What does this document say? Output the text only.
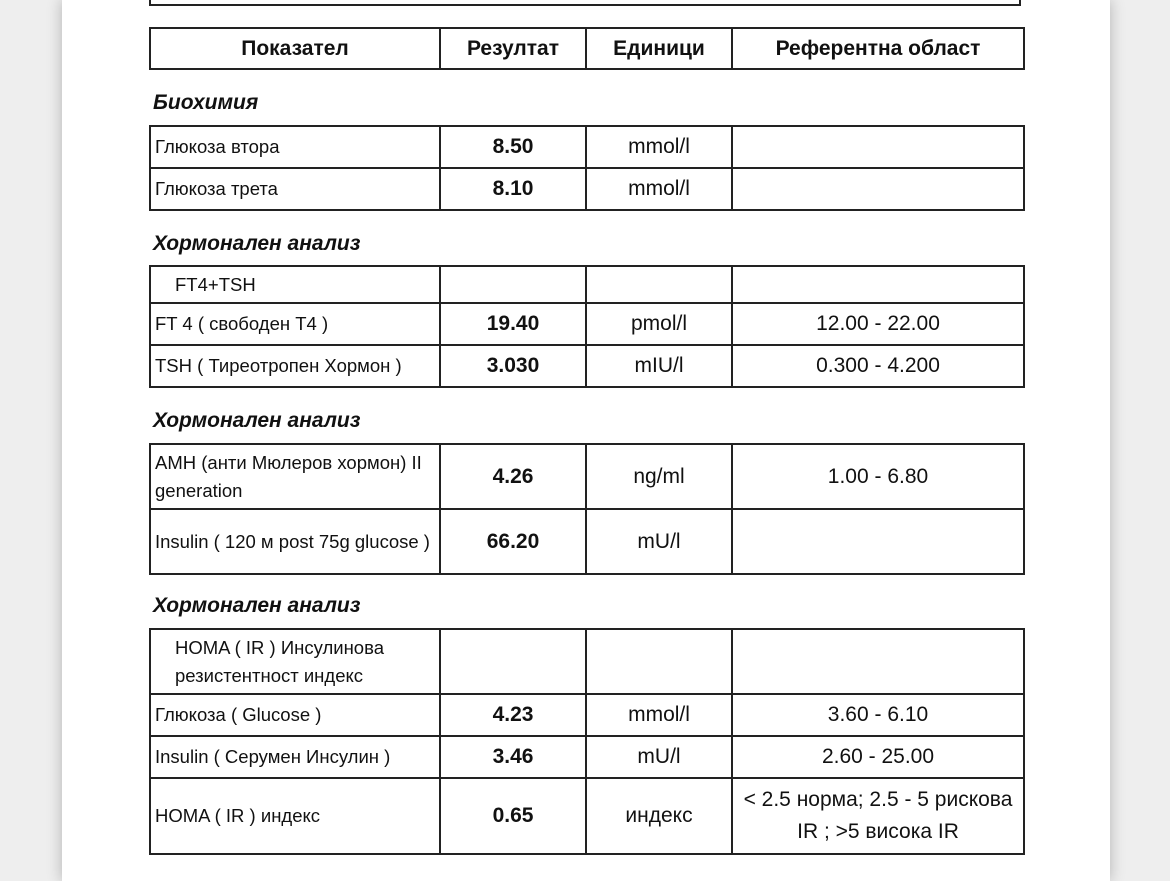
Показател	Резултат	Единици	Референтна област
Биохимия
Глюкоза втора	8.50	mmol/l	
Глюкоза трета	8.10	mmol/l	
Хормонален анализ
FT4+TSH			
FT 4 ( свободен T4 )	19.40	pmol/l	12.00 - 22.00
TSH ( Тиреотропен Хормон )	3.030	mIU/l	0.300 - 4.200
Хормонален анализ
AMH (анти Мюлеров хормон) II generation	4.26	ng/ml	1.00 - 6.80
Insulin ( 120 м post 75g glucose )	66.20	mU/l	
Хормонален анализ
HOMA ( IR ) Инсулинова резистентност индекс			
Глюкоза ( Glucose )	4.23	mmol/l	3.60 - 6.10
Insulin ( Серумен Инсулин )	3.46	mU/l	2.60 - 25.00
HOMA ( IR ) индекс	0.65	индекс	< 2.5 норма; 2.5 - 5 рискова IR ; >5 висока IR
